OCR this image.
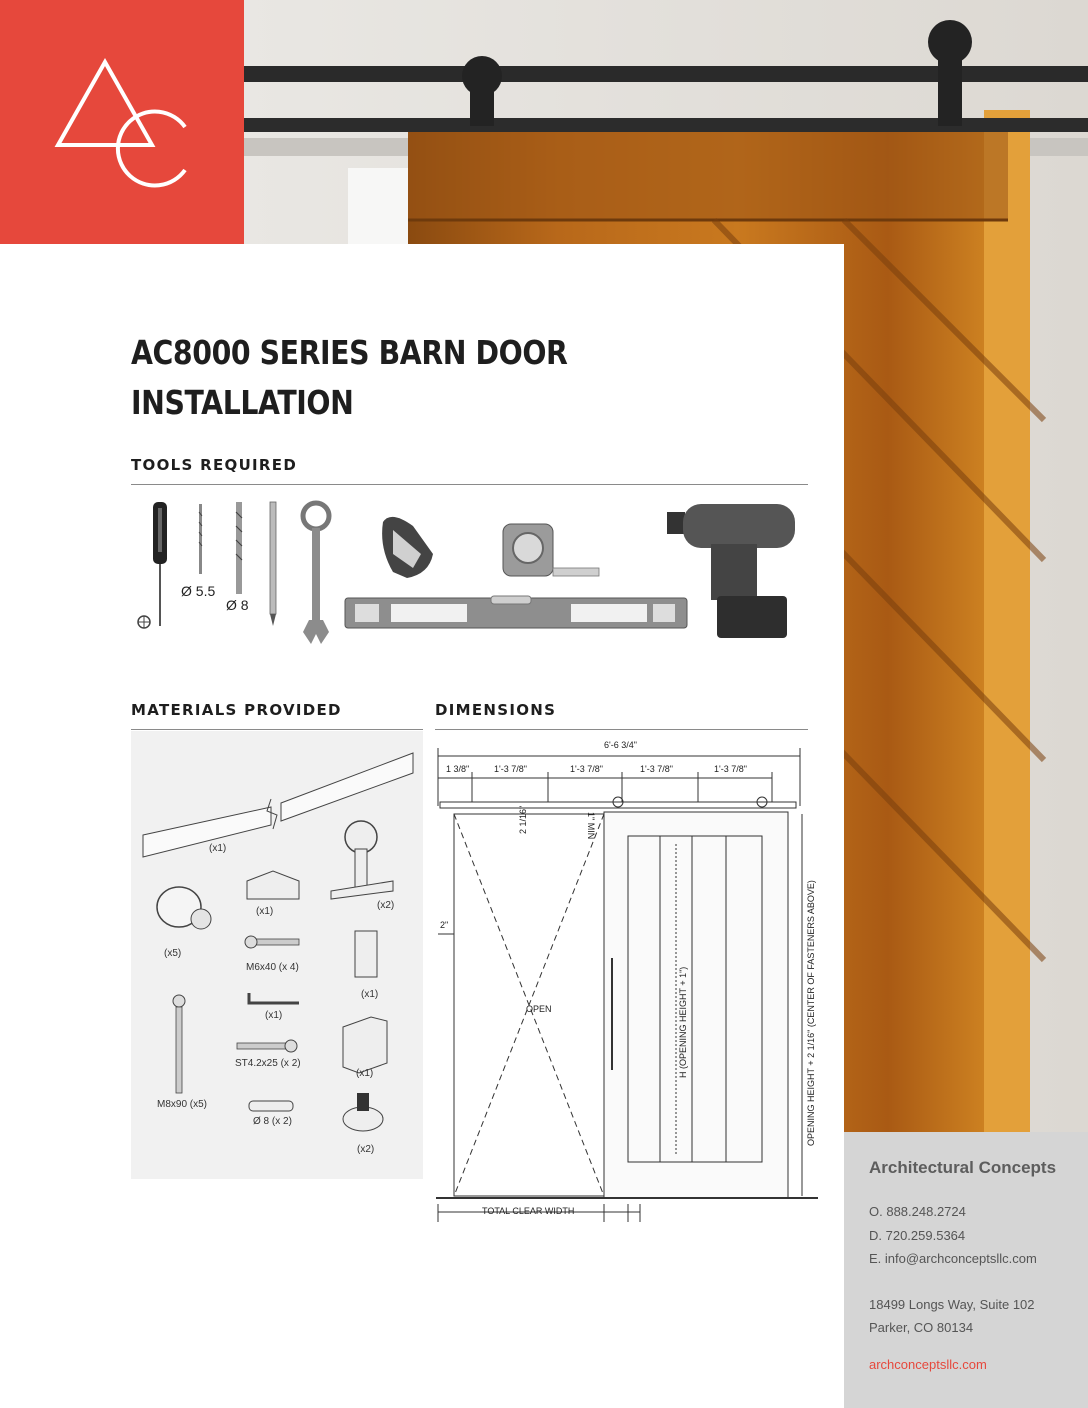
AC8000 SERIES BARN DOOR
INSTALLATION
TOOLS REQUIRED
Ø 5.5
Ø 8
MATERIALS PROVIDED
(x1)
(x1)
(x2)
(x5)
M6x40 (x 4)
(x1)
(x1)
ST4.2x25 (x 2)
(x1)
M8x90 (x5)
Ø 8 (x 2)
(x2)
DIMENSIONS
6'-6 3/4"
1 3/8"	1'-3 7/8"	1'-3 7/8"	1'-3 7/8"	1'-3 7/8"
2 1/16"	1" MIN
2"
OPEN	H (OPENING HEIGHT + 1")	OPENING HEIGHT + 2 1/16" (CENTER OF FASTENERS ABOVE)
TOTAL CLEAR WIDTH
Architectural Concepts
O. 888.248.2724
D. 720.259.5364
E. info@archconceptsllc.com
18499 Longs Way, Suite 102
Parker, CO 80134
archconceptsllc.com
